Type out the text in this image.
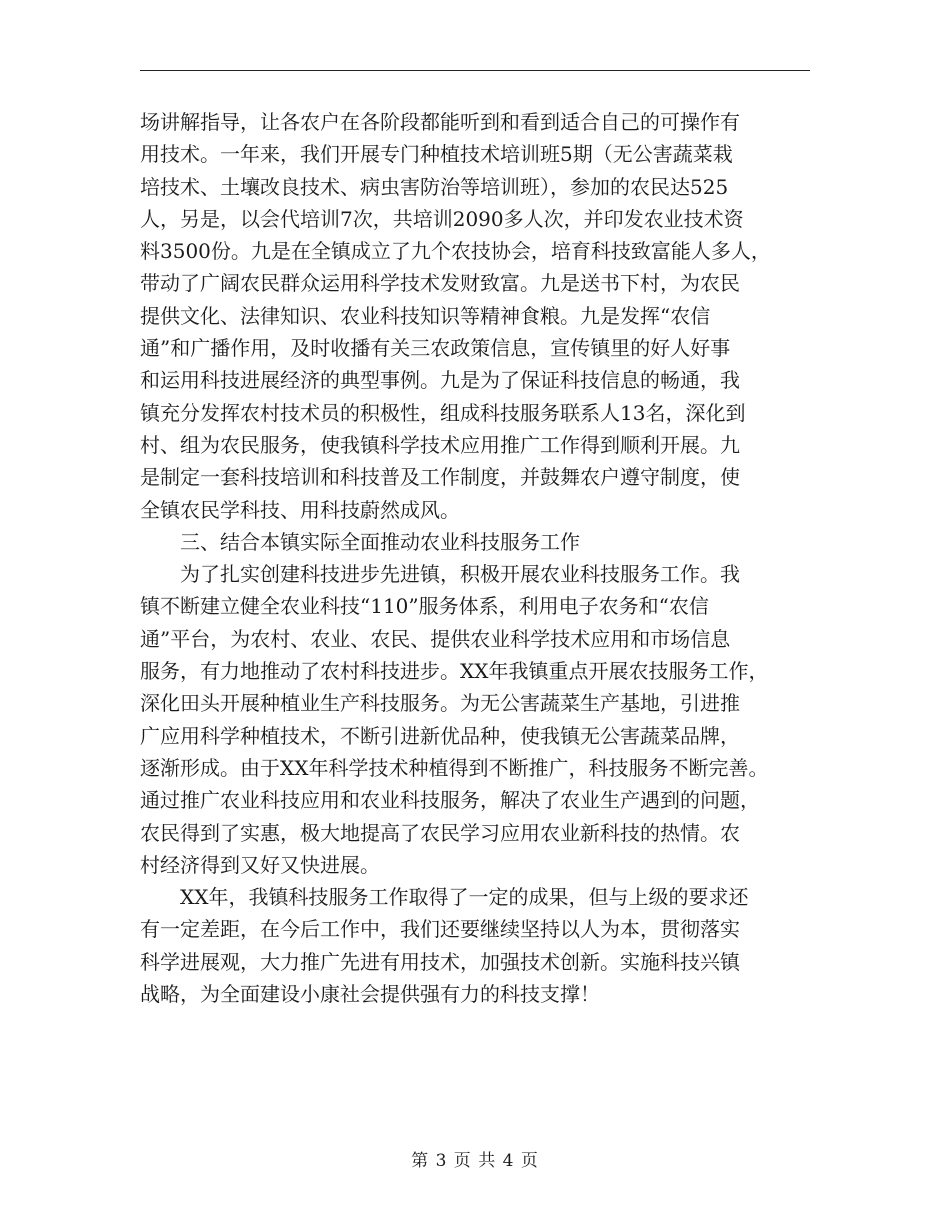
场讲解指导，让各农户在各阶段都能听到和看到适合自己的可操作有
用技术。一年来，我们开展专门种植技术培训班5期（无公害蔬菜栽
培技术、土壤改良技术、病虫害防治等培训班），参加的农民达525
人，另是，以会代培训7次，共培训2090多人次，并印发农业技术资
料3500份。九是在全镇成立了九个农技协会，培育科技致富能人多人，
带动了广阔农民群众运用科学技术发财致富。九是送书下村，为农民
提供文化、法律知识、农业科技知识等精神食粮。九是发挥“农信
通”和广播作用，及时收播有关三农政策信息，宣传镇里的好人好事
和运用科技进展经济的典型事例。九是为了保证科技信息的畅通，我
镇充分发挥农村技术员的积极性，组成科技服务联系人13名，深化到
村、组为农民服务，使我镇科学技术应用推广工作得到顺利开展。九
是制定一套科技培训和科技普及工作制度，并鼓舞农户遵守制度，使
全镇农民学科技、用科技蔚然成风。
　　三、结合本镇实际全面推动农业科技服务工作
　　为了扎实创建科技进步先进镇，积极开展农业科技服务工作。我
镇不断建立健全农业科技“110”服务体系，利用电子农务和“农信
通”平台，为农村、农业、农民、提供农业科学技术应用和市场信息
服务，有力地推动了农村科技进步。XX年我镇重点开展农技服务工作，
深化田头开展种植业生产科技服务。为无公害蔬菜生产基地，引进推
广应用科学种植技术，不断引进新优品种，使我镇无公害蔬菜品牌，
逐渐形成。由于XX年科学技术种植得到不断推广，科技服务不断完善。
通过推广农业科技应用和农业科技服务，解决了农业生产遇到的问题，
农民得到了实惠，极大地提高了农民学习应用农业新科技的热情。农
村经济得到又好又快进展。
　　XX年，我镇科技服务工作取得了一定的成果，但与上级的要求还
有一定差距，在今后工作中，我们还要继续坚持以人为本，贯彻落实
科学进展观，大力推广先进有用技术，加强技术创新。实施科技兴镇
战略，为全面建设小康社会提供强有力的科技支撑！
第 3 页 共 4 页
